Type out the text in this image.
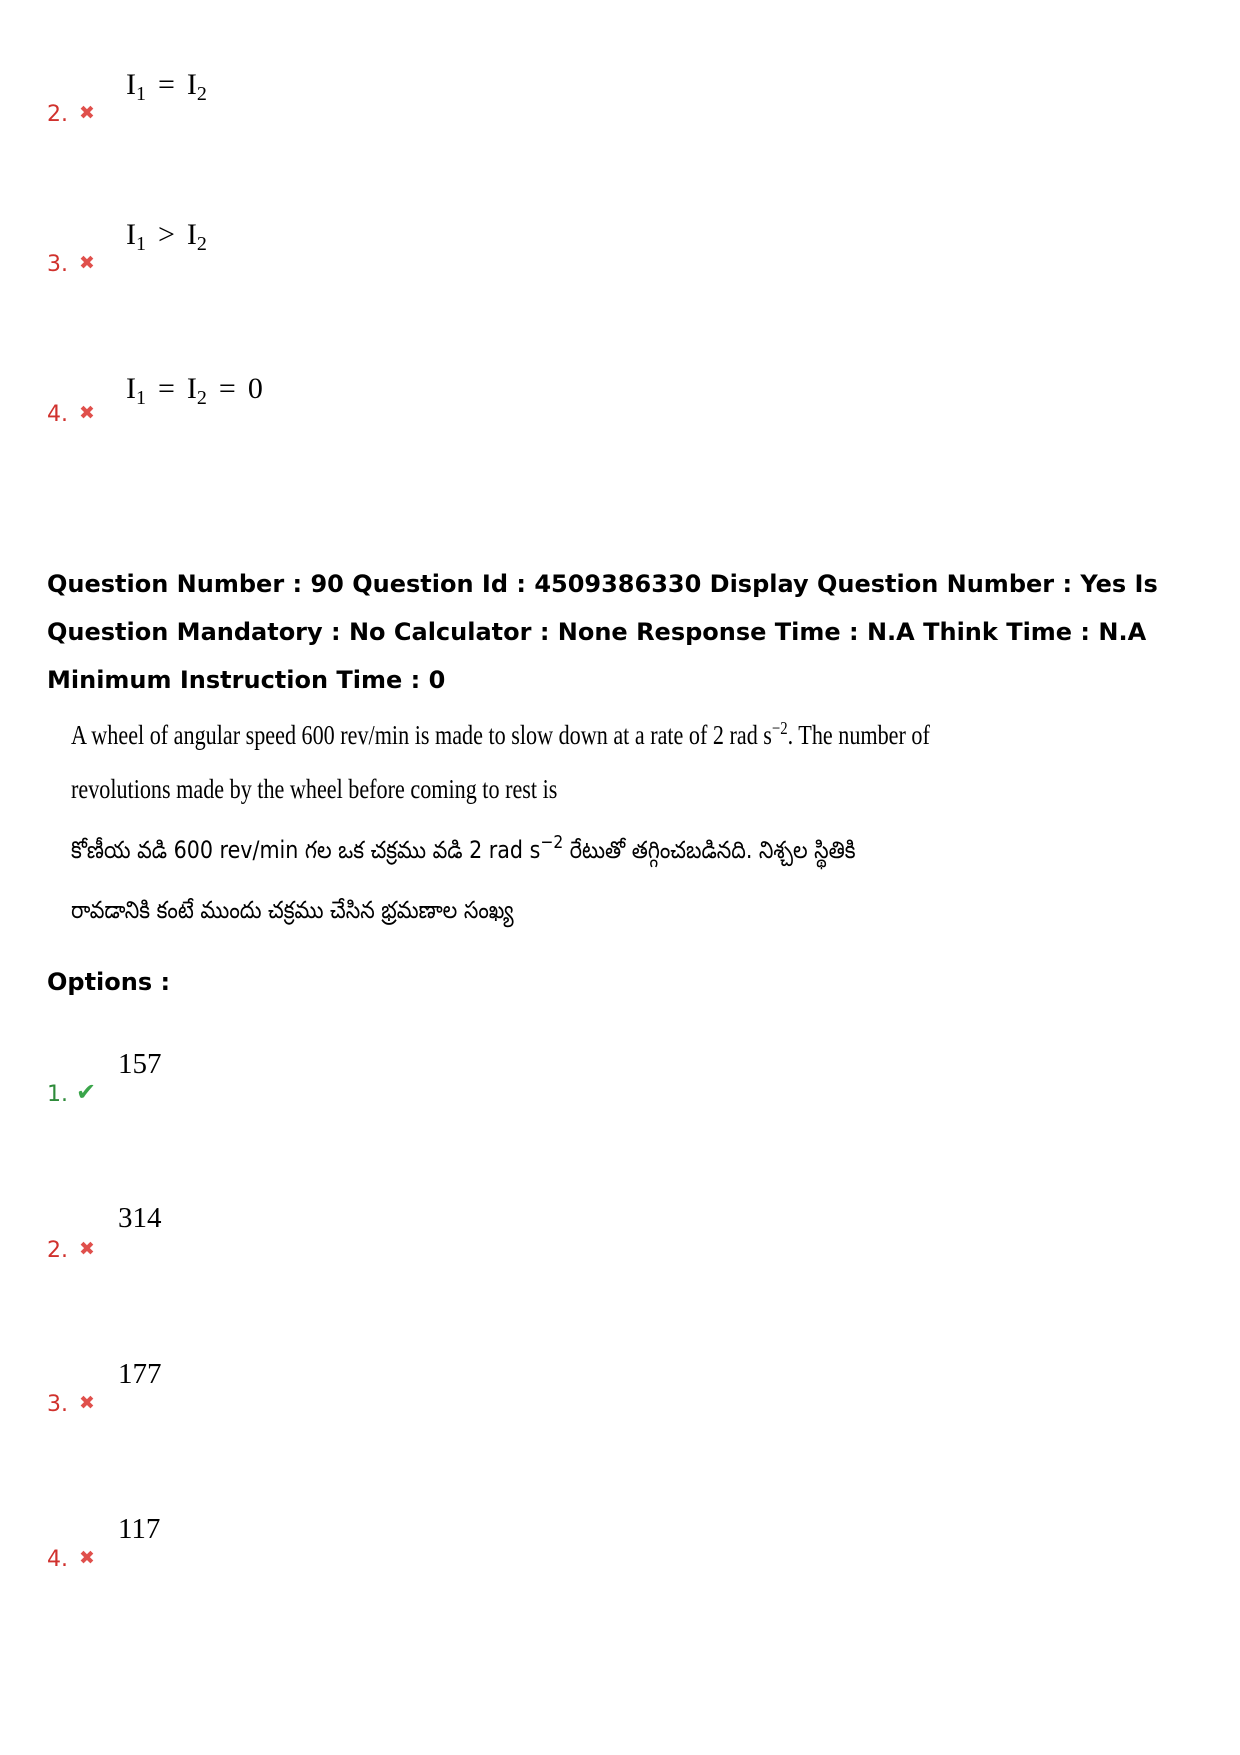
2. ✖
$I_1 = I_2$
3. ✖
$I_1 > I_2$
4. ✖
$I_1 = I_2 = 0$
Question Number : 90 Question Id : 4509386330 Display Question Number : Yes Is Question Mandatory : No Calculator : None Response Time : N.A Think Time : N.A Minimum Instruction Time : 0
A wheel of angular speed 600 rev/min is made to slow down at a rate of 2 rad $s^{-2}$. The number of
revolutions made by the wheel before coming to rest is
కోణీయ వడి 600 rev/min గల ఒక చక్రము వడి 2 rad $s^{-2}$ రేటుతో తగ్గించబడినది. నిశ్చల స్థితికి
రావడానికి కంటే ముందు చక్రము చేసిన భ్రమణాల సంఖ్య
Options :
1. ✔
157
2. ✖
314
3. ✖
177
4. ✖
117
